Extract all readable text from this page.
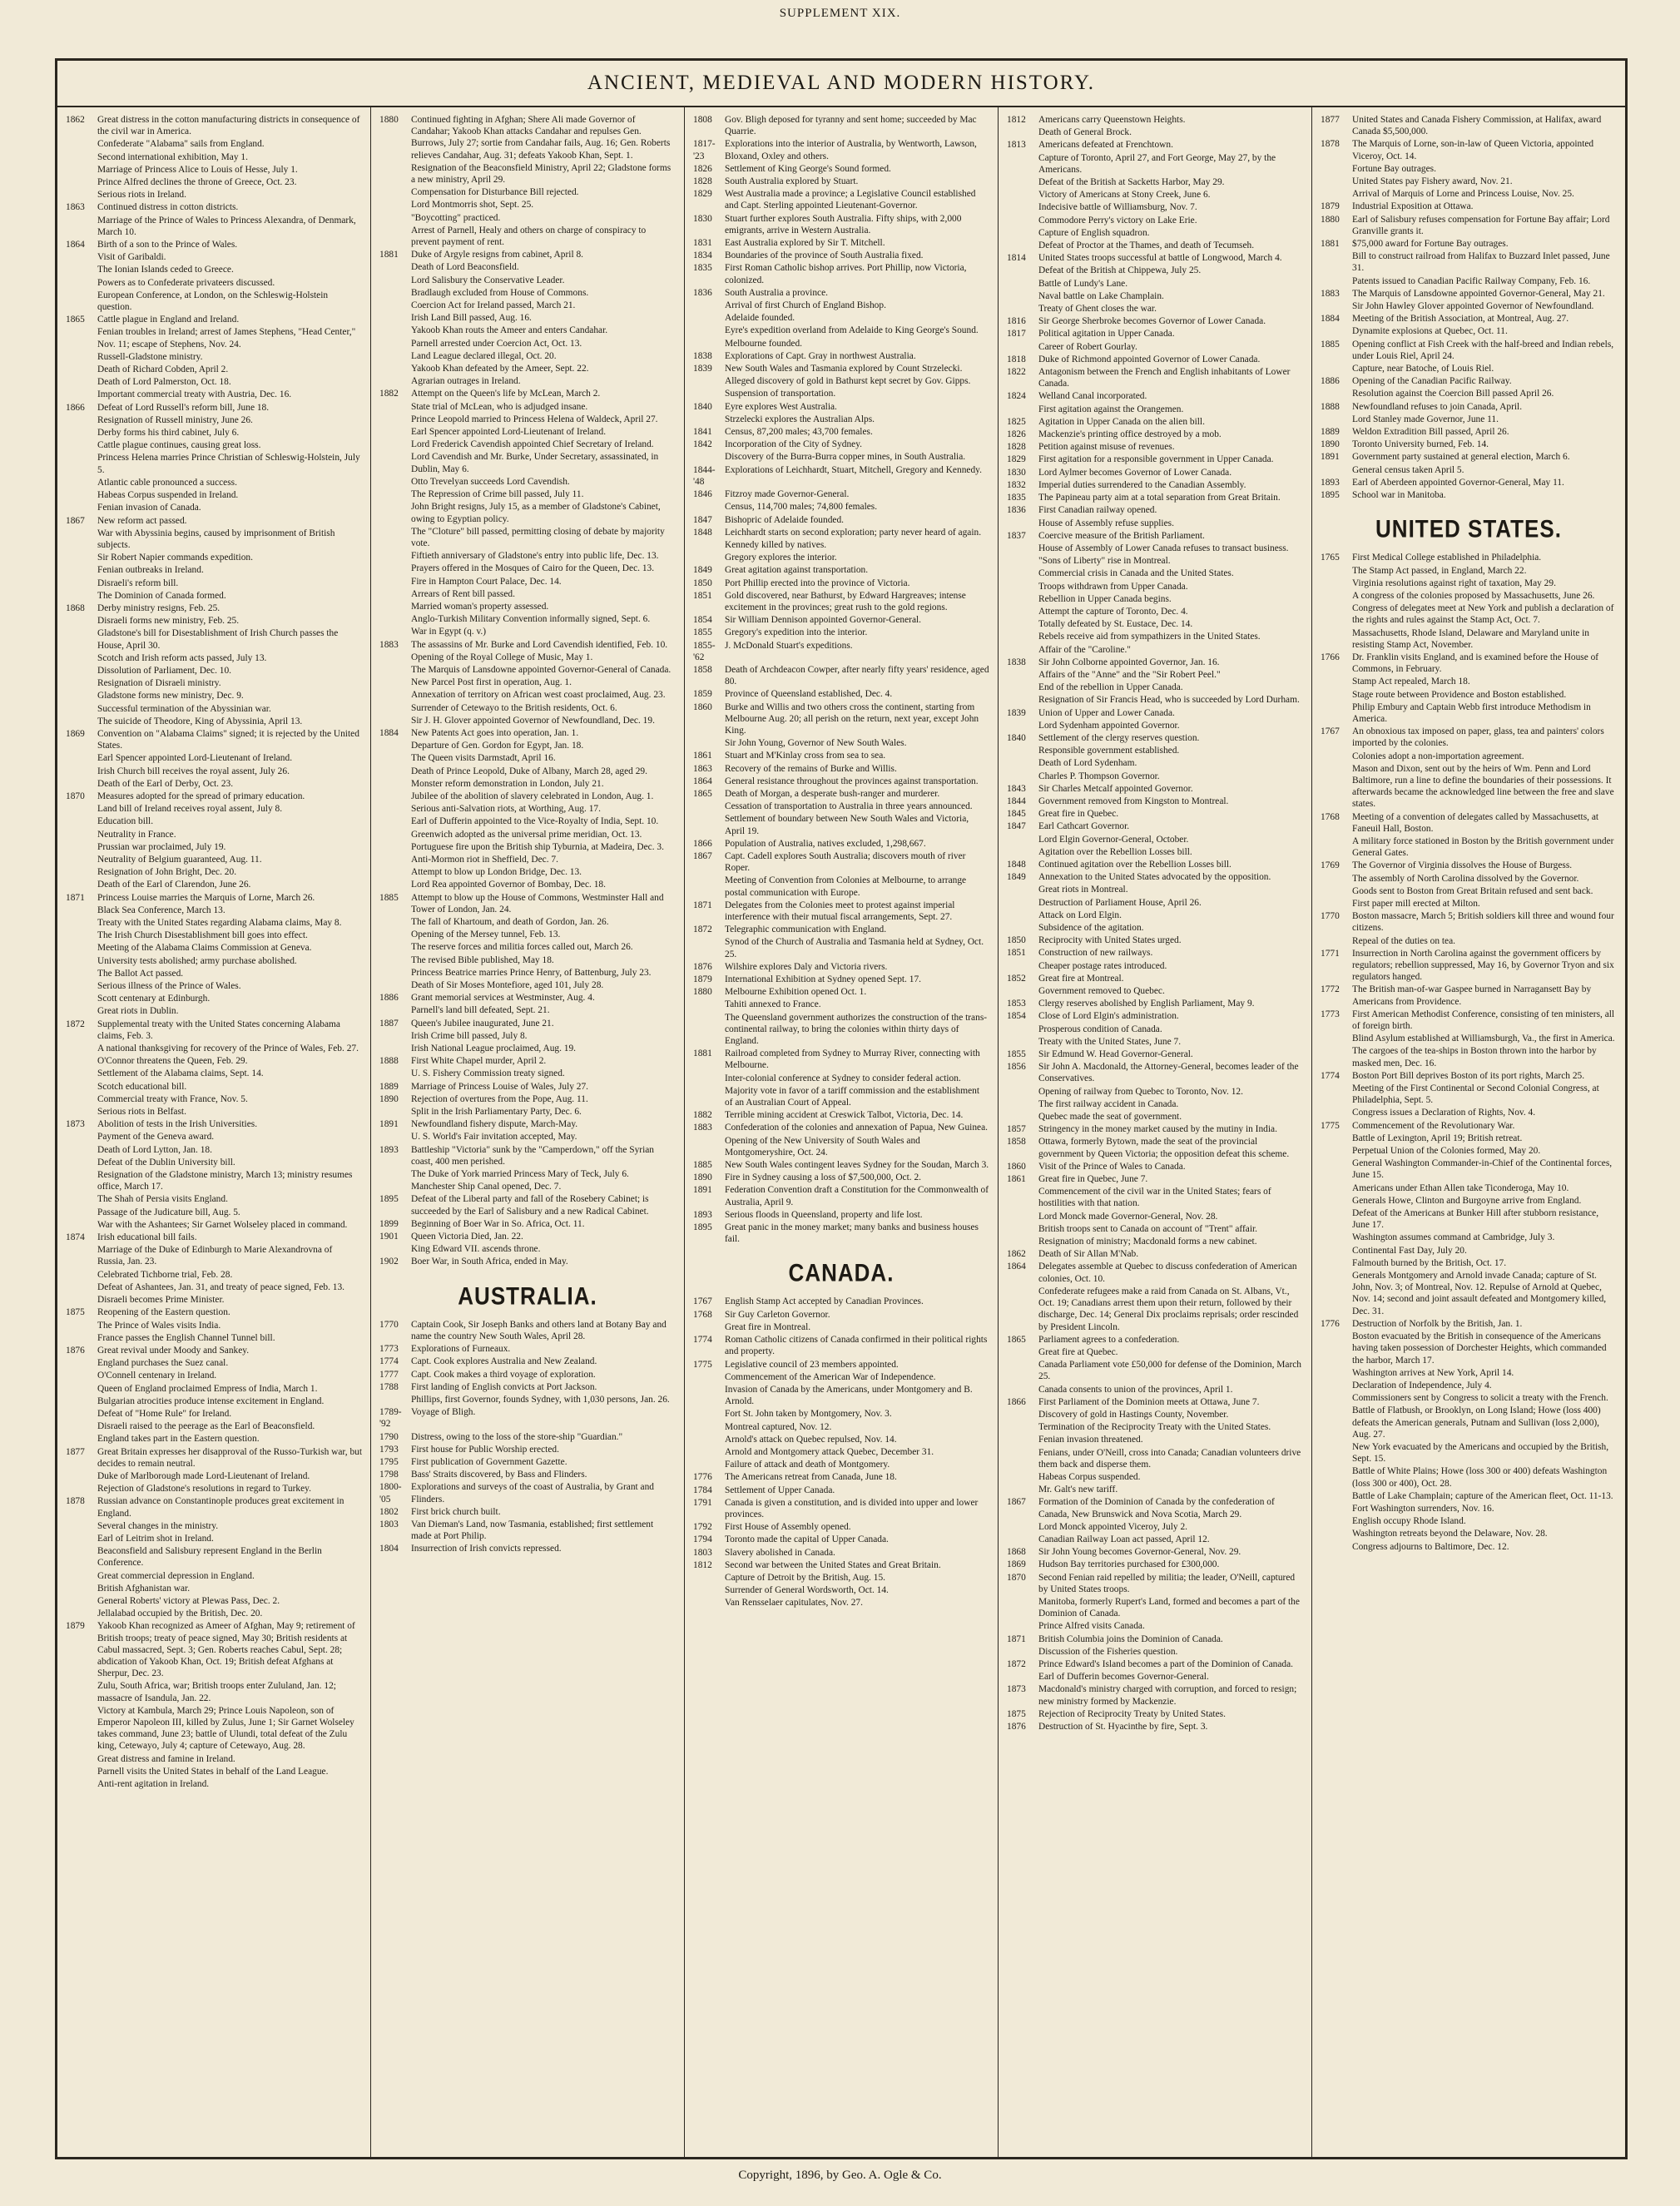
SUPPLEMENT XIX.
ANCIENT, MEDIEVAL AND MODERN HISTORY.
1862	Great distress in the cotton manufacturing districts in consequence of the civil war in America.
Confederate "Alabama" sails from England.
Second international exhibition, May 1.
Marriage of Princess Alice to Louis of Hesse, July 1.
Prince Alfred declines the throne of Greece, Oct. 23.
Serious riots in Ireland.
1863	Continued distress in cotton districts.
Marriage of the Prince of Wales to Princess Alexandra, of Denmark, March 10.
1864	Birth of a son to the Prince of Wales.
Visit of Garibaldi.
The Ionian Islands ceded to Greece.
Powers as to Confederate privateers discussed.
European Conference, at London, on the Schleswig-Holstein question.
1865	Cattle plague in England and Ireland.
Fenian troubles in Ireland; arrest of James Stephens, "Head Center," Nov. 11; escape of Stephens, Nov. 24.
Russell-Gladstone ministry.
Death of Richard Cobden, April 2.
Death of Lord Palmerston, Oct. 18.
Important commercial treaty with Austria, Dec. 16.
1866	Defeat of Lord Russell's reform bill, June 18.
Resignation of Russell ministry, June 26.
Derby forms his third cabinet, July 6.
Cattle plague continues, causing great loss.
Princess Helena marries Prince Christian of Schleswig-Holstein, July 5.
Atlantic cable pronounced a success.
Habeas Corpus suspended in Ireland.
Fenian invasion of Canada.
1867	New reform act passed.
War with Abyssinia begins, caused by imprisonment of British subjects.
Sir Robert Napier commands expedition.
Fenian outbreaks in Ireland.
Disraeli's reform bill.
The Dominion of Canada formed.
1868	Derby ministry resigns, Feb. 25.
Disraeli forms new ministry, Feb. 25.
Gladstone's bill for Disestablishment of Irish Church passes the House, April 30.
Scotch and Irish reform acts passed, July 13.
Dissolution of Parliament, Dec. 10.
Resignation of Disraeli ministry.
Gladstone forms new ministry, Dec. 9.
Successful termination of the Abyssinian war.
The suicide of Theodore, King of Abyssinia, April 13.
1869	Convention on "Alabama Claims" signed; it is rejected by the United States.
Earl Spencer appointed Lord-Lieutenant of Ireland.
Irish Church bill receives the royal assent, July 26.
Death of the Earl of Derby, Oct. 23.
1870	Measures adopted for the spread of primary education.
Land bill of Ireland receives royal assent, July 8.
Education bill.
Neutrality in France.
Prussian war proclaimed, July 19.
Neutrality of Belgium guaranteed, Aug. 11.
Resignation of John Bright, Dec. 20.
Death of the Earl of Clarendon, June 26.
1871	Princess Louise marries the Marquis of Lorne, March 26.
Black Sea Conference, March 13.
Treaty with the United States regarding Alabama claims, May 8.
The Irish Church Disestablishment bill goes into effect.
Meeting of the Alabama Claims Commission at Geneva.
University tests abolished; army purchase abolished.
The Ballot Act passed.
Serious illness of the Prince of Wales.
Scott centenary at Edinburgh.
Great riots in Dublin.
1872	Supplemental treaty with the United States concerning Alabama claims, Feb. 3.
A national thanksgiving for recovery of the Prince of Wales, Feb. 27.
O'Connor threatens the Queen, Feb. 29.
Settlement of the Alabama claims, Sept. 14.
Scotch educational bill.
Commercial treaty with France, Nov. 5.
Serious riots in Belfast.
1873	Abolition of tests in the Irish Universities.
Payment of the Geneva award.
Death of Lord Lytton, Jan. 18.
Defeat of the Dublin University bill.
Resignation of the Gladstone ministry, March 13; ministry resumes office, March 17.
The Shah of Persia visits England.
Passage of the Judicature bill, Aug. 5.
War with the Ashantees; Sir Garnet Wolseley placed in command.
1874	Irish educational bill fails.
Marriage of the Duke of Edinburgh to Marie Alexandrovna of Russia, Jan. 23.
Celebrated Tichborne trial, Feb. 28.
Defeat of Ashantees, Jan. 31, and treaty of peace signed, Feb. 13.
Disraeli becomes Prime Minister.
1875	Reopening of the Eastern question.
The Prince of Wales visits India.
France passes the English Channel Tunnel bill.
1876	Great revival under Moody and Sankey.
England purchases the Suez canal.
O'Connell centenary in Ireland.
Queen of England proclaimed Empress of India, March 1.
Bulgarian atrocities produce intense excitement in England.
Defeat of "Home Rule" for Ireland.
Disraeli raised to the peerage as the Earl of Beaconsfield.
England takes part in the Eastern question.
1877	Great Britain expresses her disapproval of the Russo-Turkish war, but decides to remain neutral.
Duke of Marlborough made Lord-Lieutenant of Ireland.
Rejection of Gladstone's resolutions in regard to Turkey.
1878	Russian advance on Constantinople produces great excitement in England.
Several changes in the ministry.
Earl of Leitrim shot in Ireland.
Beaconsfield and Salisbury represent England in the Berlin Conference.
Great commercial depression in England.
British Afghanistan war.
General Roberts' victory at Plewas Pass, Dec. 2.
Jellalabad occupied by the British, Dec. 20.
1879	Yakoob Khan recognized as Ameer of Afghan, May 9; retirement of British troops; treaty of peace signed, May 30; British residents at Cabul massacred, Sept. 3; Gen. Roberts reaches Cabul, Sept. 28; abdication of Yakoob Khan, Oct. 19; British defeat Afghans at Sherpur, Dec. 23.
Zulu, South Africa, war; British troops enter Zululand, Jan. 12; massacre of Isandula, Jan. 22.
Victory at Kambula, March 29; Prince Louis Napoleon, son of Emperor Napoleon III, killed by Zulus, June 1; Sir Garnet Wolseley takes command, June 23; battle of Ulundi, total defeat of the Zulu king, Cetewayo, July 4; capture of Cetewayo, Aug. 28.
Great distress and famine in Ireland.
Parnell visits the United States in behalf of the Land League.
Anti-rent agitation in Ireland.
1880	Continued fighting in Afghan; Shere Ali made Governor of Candahar; Yakoob Khan attacks Candahar and repulses Gen. Burrows, July 27; sortie from Candahar fails, Aug. 16; Gen. Roberts relieves Candahar, Aug. 31; defeats Yakoob Khan, Sept. 1.
Resignation of the Beaconsfield Ministry, April 22; Gladstone forms a new ministry, April 29.
Compensation for Disturbance Bill rejected.
Lord Montmorris shot, Sept. 25.
"Boycotting" practiced.
Arrest of Parnell, Healy and others on charge of conspiracy to prevent payment of rent.
1881	Duke of Argyle resigns from cabinet, April 8.
Death of Lord Beaconsfield.
Lord Salisbury the Conservative Leader.
Bradlaugh excluded from House of Commons.
Coercion Act for Ireland passed, March 21.
Irish Land Bill passed, Aug. 16.
Yakoob Khan routs the Ameer and enters Candahar.
Parnell arrested under Coercion Act, Oct. 13.
Land League declared illegal, Oct. 20.
Yakoob Khan defeated by the Ameer, Sept. 22.
Agrarian outrages in Ireland.
1882	Attempt on the Queen's life by McLean, March 2.
State trial of McLean, who is adjudged insane.
Prince Leopold married to Princess Helena of Waldeck, April 27.
Earl Spencer appointed Lord-Lieutenant of Ireland.
Lord Frederick Cavendish appointed Chief Secretary of Ireland.
Lord Cavendish and Mr. Burke, Under Secretary, assassinated, in Dublin, May 6.
Otto Trevelyan succeeds Lord Cavendish.
The Repression of Crime bill passed, July 11.
John Bright resigns, July 15, as a member of Gladstone's Cabinet, owing to Egyptian policy.
The "Cloture" bill passed, permitting closing of debate by majority vote.
Fiftieth anniversary of Gladstone's entry into public life, Dec. 13.
Prayers offered in the Mosques of Cairo for the Queen, Dec. 13.
Fire in Hampton Court Palace, Dec. 14.
Arrears of Rent bill passed.
Married woman's property assessed.
Anglo-Turkish Military Convention informally signed, Sept. 6.
War in Egypt (q. v.)
1883	The assassins of Mr. Burke and Lord Cavendish identified, Feb. 10.
Opening of the Royal College of Music, May 1.
The Marquis of Lansdowne appointed Governor-General of Canada.
New Parcel Post first in operation, Aug. 1.
Annexation of territory on African west coast proclaimed, Aug. 23.
Surrender of Cetewayo to the British residents, Oct. 6.
Sir J. H. Glover appointed Governor of Newfoundland, Dec. 19.
1884	New Patents Act goes into operation, Jan. 1.
Departure of Gen. Gordon for Egypt, Jan. 18.
The Queen visits Darmstadt, April 16.
Death of Prince Leopold, Duke of Albany, March 28, aged 29.
Monster reform demonstration in London, July 21.
Jubilee of the abolition of slavery celebrated in London, Aug. 1.
Serious anti-Salvation riots, at Worthing, Aug. 17.
Earl of Dufferin appointed to the Vice-Royalty of India, Sept. 10.
Greenwich adopted as the universal prime meridian, Oct. 13.
Portuguese fire upon the British ship Tyburnia, at Madeira, Dec. 3.
Anti-Mormon riot in Sheffield, Dec. 7.
Attempt to blow up London Bridge, Dec. 13.
Lord Rea appointed Governor of Bombay, Dec. 18.
1885	Attempt to blow up the House of Commons, Westminster Hall and Tower of London, Jan. 24.
The fall of Khartoum, and death of Gordon, Jan. 26.
Opening of the Mersey tunnel, Feb. 13.
The reserve forces and militia forces called out, March 26.
The revised Bible published, May 18.
Princess Beatrice marries Prince Henry, of Battenburg, July 23.
Death of Sir Moses Montefiore, aged 101, July 28.
1886	Grant memorial services at Westminster, Aug. 4.
Parnell's land bill defeated, Sept. 21.
1887	Queen's Jubilee inaugurated, June 21.
Irish Crime bill passed, July 8.
Irish National League proclaimed, Aug. 19.
1888	First White Chapel murder, April 2.
U. S. Fishery Commission treaty signed.
1889	Marriage of Princess Louise of Wales, July 27.
1890	Rejection of overtures from the Pope, Aug. 11.
Split in the Irish Parliamentary Party, Dec. 6.
1891	Newfoundland fishery dispute, March-May.
U. S. World's Fair invitation accepted, May.
1893	Battleship "Victoria" sunk by the "Camperdown," off the Syrian coast, 400 men perished.
The Duke of York married Princess Mary of Teck, July 6.
Manchester Ship Canal opened, Dec. 7.
1895	Defeat of the Liberal party and fall of the Rosebery Cabinet; is succeeded by the Earl of Salisbury and a new Radical Cabinet.
1899	Beginning of Boer War in So. Africa, Oct. 11.
1901	Queen Victoria Died, Jan. 22.
King Edward VII. ascends throne.
1902	Boer War, in South Africa, ended in May.
AUSTRALIA.
1770	Captain Cook, Sir Joseph Banks and others land at Botany Bay and name the country New South Wales, April 28.
1773	Explorations of Furneaux.
1774	Capt. Cook explores Australia and New Zealand.
1777	Capt. Cook makes a third voyage of exploration.
1788	First landing of English convicts at Port Jackson.
Phillips, first Governor, founds Sydney, with 1,030 persons, Jan. 26.
1789-'92
Voyage of Bligh.
1790	Distress, owing to the loss of the store-ship "Guardian."
1793	First house for Public Worship erected.
1795	First publication of Government Gazette.
1798	Bass' Straits discovered, by Bass and Flinders.
1800-'05
Explorations and surveys of the coast of Australia, by Grant and Flinders.
1802	First brick church built.
1803	Van Dieman's Land, now Tasmania, established; first settlement made at Port Philip.
1804	Insurrection of Irish convicts repressed.
1808	Gov. Bligh deposed for tyranny and sent home; succeeded by Mac Quarrie.
1817-'23
Explorations into the interior of Australia, by Wentworth, Lawson, Bloxand, Oxley and others.
1826	Settlement of King George's Sound formed.
1828	South Australia explored by Stuart.
1829	West Australia made a province; a Legislative Council established and Capt. Sterling appointed Lieutenant-Governor.
1830	Stuart further explores South Australia. Fifty ships, with 2,000 emigrants, arrive in Western Australia.
1831	East Australia explored by Sir T. Mitchell.
1834	Boundaries of the province of South Australia fixed.
1835	First Roman Catholic bishop arrives. Port Phillip, now Victoria, colonized.
1836	South Australia a province.
Arrival of first Church of England Bishop.
Adelaide founded.
Eyre's expedition overland from Adelaide to King George's Sound.
Melbourne founded.
1838	Explorations of Capt. Gray in northwest Australia.
1839	New South Wales and Tasmania explored by Count Strzelecki.
Alleged discovery of gold in Bathurst kept secret by Gov. Gipps.
Suspension of transportation.
1840	Eyre explores West Australia.
Strzelecki explores the Australian Alps.
1841	Census, 87,200 males; 43,700 females.
1842	Incorporation of the City of Sydney.
Discovery of the Burra-Burra copper mines, in South Australia.
1844-'48
Explorations of Leichhardt, Stuart, Mitchell, Gregory and Kennedy.
1846	Fitzroy made Governor-General.
Census, 114,700 males; 74,800 females.
1847	Bishopric of Adelaide founded.
1848	Leichhardt starts on second exploration; party never heard of again.
Kennedy killed by natives.
Gregory explores the interior.
1849	Great agitation against transportation.
1850	Port Phillip erected into the province of Victoria.
1851	Gold discovered, near Bathurst, by Edward Hargreaves; intense excitement in the provinces; great rush to the gold regions.
1854	Sir William Dennison appointed Governor-General.
1855	Gregory's expedition into the interior.
1855-'62
J. McDonald Stuart's expeditions.
1858	Death of Archdeacon Cowper, after nearly fifty years' residence, aged 80.
1859	Province of Queensland established, Dec. 4.
1860	Burke and Willis and two others cross the continent, starting from Melbourne Aug. 20; all perish on the return, next year, except John King.
Sir John Young, Governor of New South Wales.
1861	Stuart and M'Kinlay cross from sea to sea.
1863	Recovery of the remains of Burke and Willis.
1864	General resistance throughout the provinces against transportation.
1865	Death of Morgan, a desperate bush-ranger and murderer.
Cessation of transportation to Australia in three years announced.
Settlement of boundary between New South Wales and Victoria, April 19.
1866	Population of Australia, natives excluded, 1,298,667.
1867	Capt. Cadell explores South Australia; discovers mouth of river Roper.
Meeting of Convention from Colonies at Melbourne, to arrange postal communication with Europe.
1871	Delegates from the Colonies meet to protest against imperial interference with their mutual fiscal arrangements, Sept. 27.
1872	Telegraphic communication with England.
Synod of the Church of Australia and Tasmania held at Sydney, Oct. 25.
1876	Wilshire explores Daly and Victoria rivers.
1879	International Exhibition at Sydney opened Sept. 17.
1880	Melbourne Exhibition opened Oct. 1.
Tahiti annexed to France.
The Queensland government authorizes the construction of the trans-continental railway, to bring the colonies within thirty days of England.
1881	Railroad completed from Sydney to Murray River, connecting with Melbourne.
Inter-colonial conference at Sydney to consider federal action.
Majority vote in favor of a tariff commission and the establishment of an Australian Court of Appeal.
1882	Terrible mining accident at Creswick Talbot, Victoria, Dec. 14.
1883	Confederation of the colonies and annexation of Papua, New Guinea.
Opening of the New University of South Wales and Montgomeryshire, Oct. 24.
1885	New South Wales contingent leaves Sydney for the Soudan, March 3.
1890	Fire in Sydney causing a loss of $7,500,000, Oct. 2.
1891	Federation Convention draft a Constitution for the Commonwealth of Australia, April 9.
1893	Serious floods in Queensland, property and life lost.
1895	Great panic in the money market; many banks and business houses fail.
CANADA.
1767	English Stamp Act accepted by Canadian Provinces.
1768	Sir Guy Carleton Governor.
Great fire in Montreal.
1774	Roman Catholic citizens of Canada confirmed in their political rights and property.
1775	Legislative council of 23 members appointed.
Commencement of the American War of Independence.
Invasion of Canada by the Americans, under Montgomery and B. Arnold.
Fort St. John taken by Montgomery, Nov. 3.
Montreal captured, Nov. 12.
Arnold's attack on Quebec repulsed, Nov. 14.
Arnold and Montgomery attack Quebec, December 31.
Failure of attack and death of Montgomery.
1776	The Americans retreat from Canada, June 18.
1784	Settlement of Upper Canada.
1791	Canada is given a constitution, and is divided into upper and lower provinces.
1792	First House of Assembly opened.
1794	Toronto made the capital of Upper Canada.
1803	Slavery abolished in Canada.
1812	Second war between the United States and Great Britain.
Capture of Detroit by the British, Aug. 15.
Surrender of General Wordsworth, Oct. 14.
Van Rensselaer capitulates, Nov. 27.
1812	Americans carry Queenstown Heights.
Death of General Brock.
1813	Americans defeated at Frenchtown.
Capture of Toronto, April 27, and Fort George, May 27, by the Americans.
Defeat of the British at Sacketts Harbor, May 29.
Victory of Americans at Stony Creek, June 6.
Indecisive battle of Williamsburg, Nov. 7.
Commodore Perry's victory on Lake Erie.
Capture of English squadron.
Defeat of Proctor at the Thames, and death of Tecumseh.
1814	United States troops successful at battle of Longwood, March 4.
Defeat of the British at Chippewa, July 25.
Battle of Lundy's Lane.
Naval battle on Lake Champlain.
Treaty of Ghent closes the war.
1816	Sir George Sherbroke becomes Governor of Lower Canada.
1817	Political agitation in Upper Canada.
Career of Robert Gourlay.
1818	Duke of Richmond appointed Governor of Lower Canada.
1822	Antagonism between the French and English inhabitants of Lower Canada.
1824	Welland Canal incorporated.
First agitation against the Orangemen.
1825	Agitation in Upper Canada on the alien bill.
1826	Mackenzie's printing office destroyed by a mob.
1828	Petition against misuse of revenues.
1829	First agitation for a responsible government in Upper Canada.
1830	Lord Aylmer becomes Governor of Lower Canada.
1832	Imperial duties surrendered to the Canadian Assembly.
1835	The Papineau party aim at a total separation from Great Britain.
1836	First Canadian railway opened.
House of Assembly refuse supplies.
1837	Coercive measure of the British Parliament.
House of Assembly of Lower Canada refuses to transact business.
"Sons of Liberty" rise in Montreal.
Commercial crisis in Canada and the United States.
Troops withdrawn from Upper Canada.
Rebellion in Upper Canada begins.
Attempt the capture of Toronto, Dec. 4.
Totally defeated by St. Eustace, Dec. 14.
Rebels receive aid from sympathizers in the United States.
Affair of the "Caroline."
1838	Sir John Colborne appointed Governor, Jan. 16.
Affairs of the "Anne" and the "Sir Robert Peel."
End of the rebellion in Upper Canada.
Resignation of Sir Francis Head, who is succeeded by Lord Durham.
1839	Union of Upper and Lower Canada.
Lord Sydenham appointed Governor.
1840	Settlement of the clergy reserves question.
Responsible government established.
Death of Lord Sydenham.
Charles P. Thompson Governor.
1843	Sir Charles Metcalf appointed Governor.
1844	Government removed from Kingston to Montreal.
1845	Great fire in Quebec.
1847	Earl Cathcart Governor.
Lord Elgin Governor-General, October.
Agitation over the Rebellion Losses bill.
1848	Continued agitation over the Rebellion Losses bill.
1849	Annexation to the United States advocated by the opposition.
Great riots in Montreal.
Destruction of Parliament House, April 26.
Attack on Lord Elgin.
Subsidence of the agitation.
1850	Reciprocity with United States urged.
1851	Construction of new railways.
Cheaper postage rates introduced.
1852	Great fire at Montreal.
Government removed to Quebec.
1853	Clergy reserves abolished by English Parliament, May 9.
1854	Close of Lord Elgin's administration.
Prosperous condition of Canada.
Treaty with the United States, June 7.
1855	Sir Edmund W. Head Governor-General.
1856	Sir John A. Macdonald, the Attorney-General, becomes leader of the Conservatives.
Opening of railway from Quebec to Toronto, Nov. 12.
The first railway accident in Canada.
Quebec made the seat of government.
1857	Stringency in the money market caused by the mutiny in India.
1858	Ottawa, formerly Bytown, made the seat of the provincial government by Queen Victoria; the opposition defeat this scheme.
1860	Visit of the Prince of Wales to Canada.
1861	Great fire in Quebec, June 7.
Commencement of the civil war in the United States; fears of hostilities with that nation.
Lord Monck made Governor-General, Nov. 28.
British troops sent to Canada on account of "Trent" affair.
Resignation of ministry; Macdonald forms a new cabinet.
1862	Death of Sir Allan M'Nab.
1864	Delegates assemble at Quebec to discuss confederation of American colonies, Oct. 10.
Confederate refugees make a raid from Canada on St. Albans, Vt., Oct. 19; Canadians arrest them upon their return, followed by their discharge, Dec. 14; General Dix proclaims reprisals; order rescinded by President Lincoln.
1865	Parliament agrees to a confederation.
Great fire at Quebec.
Canada Parliament vote £50,000 for defense of the Dominion, March 25.
Canada consents to union of the provinces, April 1.
1866	First Parliament of the Dominion meets at Ottawa, June 7.
Discovery of gold in Hastings County, November.
Termination of the Reciprocity Treaty with the United States.
Fenian invasion threatened.
Fenians, under O'Neill, cross into Canada; Canadian volunteers drive them back and disperse them.
Habeas Corpus suspended.
Mr. Galt's new tariff.
1867	Formation of the Dominion of Canada by the confederation of Canada, New Brunswick and Nova Scotia, March 29.
Lord Monck appointed Viceroy, July 2.
Canadian Railway Loan act passed, April 12.
1868	Sir John Young becomes Governor-General, Nov. 29.
1869	Hudson Bay territories purchased for £300,000.
1870	Second Fenian raid repelled by militia; the leader, O'Neill, captured by United States troops.
Manitoba, formerly Rupert's Land, formed and becomes a part of the Dominion of Canada.
Prince Alfred visits Canada.
1871	British Columbia joins the Dominion of Canada.
Discussion of the Fisheries question.
1872	Prince Edward's Island becomes a part of the Dominion of Canada.
Earl of Dufferin becomes Governor-General.
1873	Macdonald's ministry charged with corruption, and forced to resign; new ministry formed by Mackenzie.
1875	Rejection of Reciprocity Treaty by United States.
1876	Destruction of St. Hyacinthe by fire, Sept. 3.
1877	United States and Canada Fishery Commission, at Halifax, award Canada $5,500,000.
1878	The Marquis of Lorne, son-in-law of Queen Victoria, appointed Viceroy, Oct. 14.
Fortune Bay outrages.
United States pay Fishery award, Nov. 21.
Arrival of Marquis of Lorne and Princess Louise, Nov. 25.
1879	Industrial Exposition at Ottawa.
1880	Earl of Salisbury refuses compensation for Fortune Bay affair; Lord Granville grants it.
1881	$75,000 award for Fortune Bay outrages.
Bill to construct railroad from Halifax to Buzzard Inlet passed, June 31.
Patents issued to Canadian Pacific Railway Company, Feb. 16.
1883	The Marquis of Lansdowne appointed Governor-General, May 21.
Sir John Hawley Glover appointed Governor of Newfoundland.
1884	Meeting of the British Association, at Montreal, Aug. 27.
Dynamite explosions at Quebec, Oct. 11.
1885	Opening conflict at Fish Creek with the half-breed and Indian rebels, under Louis Riel, April 24.
Capture, near Batoche, of Louis Riel.
1886	Opening of the Canadian Pacific Railway.
Resolution against the Coercion Bill passed April 26.
1888	Newfoundland refuses to join Canada, April.
Lord Stanley made Governor, June 11.
1889	Weldon Extradition Bill passed, April 26.
1890	Toronto University burned, Feb. 14.
1891	Government party sustained at general election, March 6.
General census taken April 5.
1893	Earl of Aberdeen appointed Governor-General, May 11.
1895	School war in Manitoba.
UNITED STATES.
1765	First Medical College established in Philadelphia.
The Stamp Act passed, in England, March 22.
Virginia resolutions against right of taxation, May 29.
A congress of the colonies proposed by Massachusetts, June 26.
Congress of delegates meet at New York and publish a declaration of the rights and rules against the Stamp Act, Oct. 7.
Massachusetts, Rhode Island, Delaware and Maryland unite in resisting Stamp Act, November.
1766	Dr. Franklin visits England, and is examined before the House of Commons, in February.
Stamp Act repealed, March 18.
Stage route between Providence and Boston established.
Philip Embury and Captain Webb first introduce Methodism in America.
1767	An obnoxious tax imposed on paper, glass, tea and painters' colors imported by the colonies.
Colonies adopt a non-importation agreement.
Mason and Dixon, sent out by the heirs of Wm. Penn and Lord Baltimore, run a line to define the boundaries of their possessions. It afterwards became the acknowledged line between the free and slave states.
1768	Meeting of a convention of delegates called by Massachusetts, at Faneuil Hall, Boston.
A military force stationed in Boston by the British government under General Gates.
1769	The Governor of Virginia dissolves the House of Burgess.
The assembly of North Carolina dissolved by the Governor.
Goods sent to Boston from Great Britain refused and sent back.
First paper mill erected at Milton.
1770	Boston massacre, March 5; British soldiers kill three and wound four citizens.
Repeal of the duties on tea.
1771	Insurrection in North Carolina against the government officers by regulators; rebellion suppressed, May 16, by Governor Tryon and six regulators hanged.
1772	The British man-of-war Gaspee burned in Narragansett Bay by Americans from Providence.
1773	First American Methodist Conference, consisting of ten ministers, all of foreign birth.
Blind Asylum established at Williamsburgh, Va., the first in America.
The cargoes of the tea-ships in Boston thrown into the harbor by masked men, Dec. 16.
1774	Boston Port Bill deprives Boston of its port rights, March 25.
Meeting of the First Continental or Second Colonial Congress, at Philadelphia, Sept. 5.
Congress issues a Declaration of Rights, Nov. 4.
1775	Commencement of the Revolutionary War.
Battle of Lexington, April 19; British retreat.
Perpetual Union of the Colonies formed, May 20.
General Washington Commander-in-Chief of the Continental forces, June 15.
Americans under Ethan Allen take Ticonderoga, May 10.
Generals Howe, Clinton and Burgoyne arrive from England.
Defeat of the Americans at Bunker Hill after stubborn resistance, June 17.
Washington assumes command at Cambridge, July 3.
Continental Fast Day, July 20.
Falmouth burned by the British, Oct. 17.
Generals Montgomery and Arnold invade Canada; capture of St. John, Nov. 3; of Montreal, Nov. 12. Repulse of Arnold at Quebec, Nov. 14; second and joint assault defeated and Montgomery killed, Dec. 31.
1776	Destruction of Norfolk by the British, Jan. 1.
Boston evacuated by the British in consequence of the Americans having taken possession of Dorchester Heights, which commanded the harbor, March 17.
Washington arrives at New York, April 14.
Declaration of Independence, July 4.
Commissioners sent by Congress to solicit a treaty with the French.
Battle of Flatbush, or Brooklyn, on Long Island; Howe (loss 400) defeats the American generals, Putnam and Sullivan (loss 2,000), Aug. 27.
New York evacuated by the Americans and occupied by the British, Sept. 15.
Battle of White Plains; Howe (loss 300 or 400) defeats Washington (loss 300 or 400), Oct. 28.
Battle of Lake Champlain; capture of the American fleet, Oct. 11-13.
Fort Washington surrenders, Nov. 16.
English occupy Rhode Island.
Washington retreats beyond the Delaware, Nov. 28.
Congress adjourns to Baltimore, Dec. 12.
Copyright, 1896, by Geo. A. Ogle & Co.
